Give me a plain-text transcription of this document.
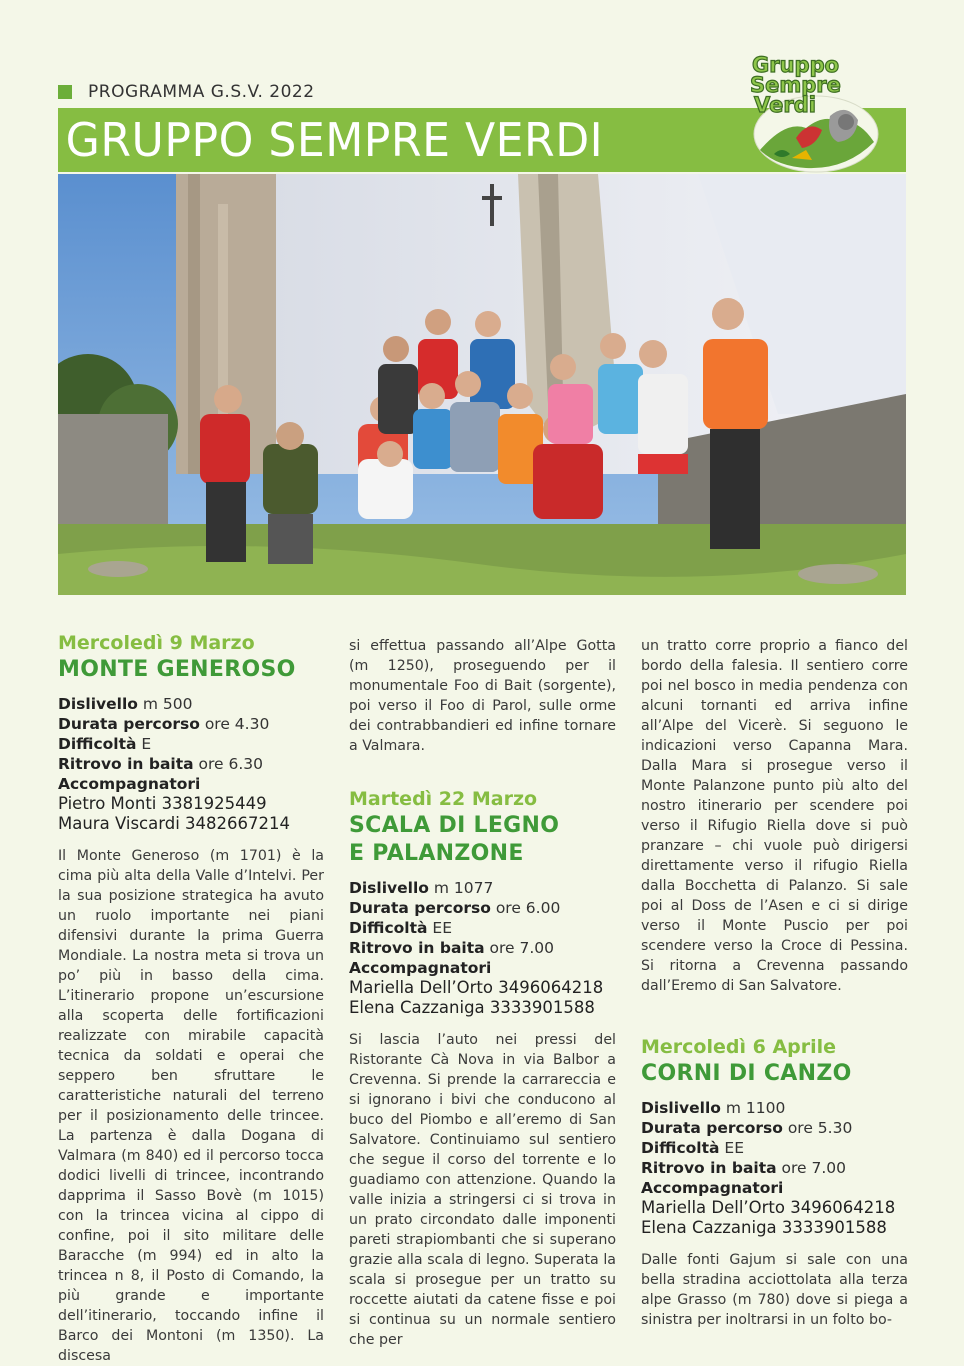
PROGRAMMA G.S.V. 2022
GRUPPO SEMPRE VERDI
Gruppo
Sempre
Verdi
Mercoledì 9 Marzo
MONTE GENEROSO
Dislivello m 500
Durata percorso ore 4.30
Difficoltà E
Ritrovo in baita ore 6.30
Accompagnatori
Pietro Monti 3381925449
Maura Viscardi 3482667214

Il Monte Generoso (m 1701) è la cima più alta della Valle d’Intelvi. Per la sua posizione strategica ha avuto un ruolo importante nei piani difensivi durante la prima Guerra Mondiale. La nostra meta si trova un po’ più in basso della cima. L’itinerario propone un’escursione alla scoperta delle fortificazioni realizzate con mirabile capacità tecnica da soldati e operai che seppero ben sfruttare le caratteristiche naturali del terreno per il posizionamento delle trincee. La partenza è dalla Dogana di Valmara (m 840) ed il percorso tocca dodici livelli di trincee, incontrando dapprima il Sasso Bovè (m 1015) con la trincea vicina al cippo di confine, poi il sito militare delle Baracche (m 994) ed in alto la trincea n 8, il Posto di Comando, la più grande e importante dell’itinerario, toccando infine il Barco dei Montoni (m 1350). La discesa

si effettua passando all’Alpe Gotta (m 1250), proseguendo per il monumentale Foo di Bait (sorgente), poi verso il Foo di Parol, sulle orme dei contrabbandieri ed infine tornare a Valmara.

Martedì 22 Marzo
SCALA DI LEGNO
E PALANZONE
Dislivello m 1077
Durata percorso ore 6.00
Difficoltà EE
Ritrovo in baita ore 7.00
Accompagnatori
Mariella Dell’Orto 3496064218
Elena Cazzaniga 3333901588

Si lascia l’auto nei pressi del Ristorante Cà Nova in via Balbor a Crevenna. Si prende la carrareccia e si ignorano i bivi che conducono al buco del Piombo e all’eremo di San Salvatore. Continuiamo sul sentiero che segue il corso del torrente e lo guadiamo con attenzione. Quando la valle inizia a stringersi ci si trova in un prato circondato dalle imponenti pareti strapiombanti che si superano grazie alla scala di legno. Superata la scala si prosegue per un tratto su roccette aiutati da catene fisse e poi si continua su un normale sentiero che per

un tratto corre proprio a fianco del bordo della falesia. Il sentiero corre poi nel bosco in media pendenza con alcuni tornanti ed arriva infine all’Alpe del Vicerè. Si seguono le indicazioni verso Capanna Mara. Dalla Mara si prosegue verso il Monte Palanzone punto più alto del nostro itinerario per scendere poi verso il Rifugio Riella dove si può pranzare – chi vuole può dirigersi direttamente verso il rifugio Riella dalla Bocchetta di Palanzo. Si sale poi al Doss de l’Asen e ci si dirige verso il Monte Puscio per poi scendere verso la Croce di Pessina. Si ritorna a Crevenna passando dall’Eremo di San Salvatore.

Mercoledì 6 Aprile
CORNI DI CANZO
Dislivello m 1100
Durata percorso ore 5.30
Difficoltà EE
Ritrovo in baita ore 7.00
Accompagnatori
Mariella Dell’Orto 3496064218
Elena Cazzaniga 3333901588

Dalle fonti Gajum si sale con una bella stradina acciottolata alla terza alpe Grasso (m 780) dove si piega a sinistra per inoltrarsi in un folto bo-
